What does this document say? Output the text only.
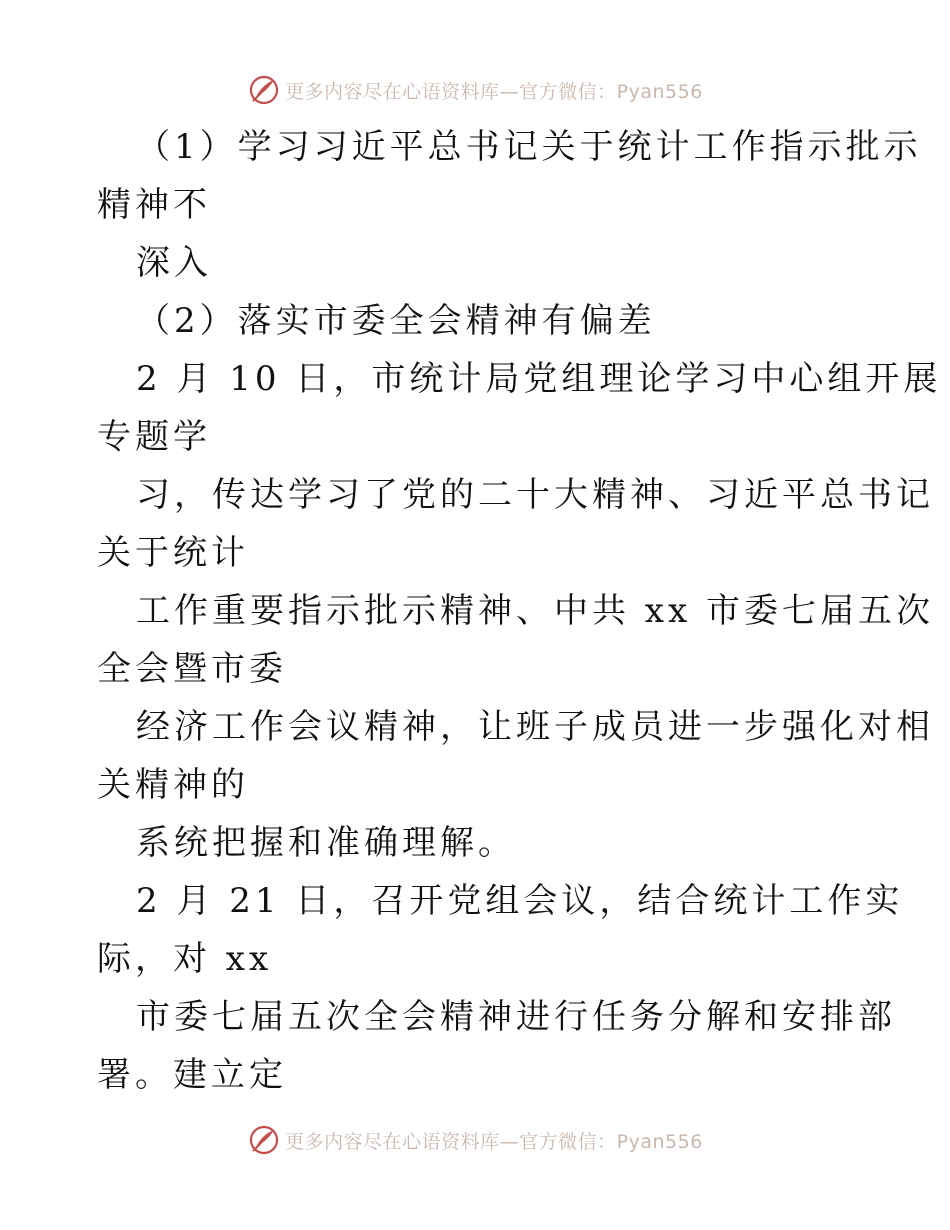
更多内容尽在心语资料库—官方微信：Pyan556
（1）学习习近平总书记关于统计工作指示批示
精神不
深入
（2）落实市委全会精神有偏差
2 月 10 日，市统计局党组理论学习中心组开展
专题学
习，传达学习了党的二十大精神、习近平总书记
关于统计
工作重要指示批示精神、中共 xx 市委七届五次
全会暨市委
经济工作会议精神，让班子成员进一步强化对相
关精神的
系统把握和准确理解。
2 月 21 日，召开党组会议，结合统计工作实
际，对 xx
市委七届五次全会精神进行任务分解和安排部
署。建立定
更多内容尽在心语资料库—官方微信：Pyan556
